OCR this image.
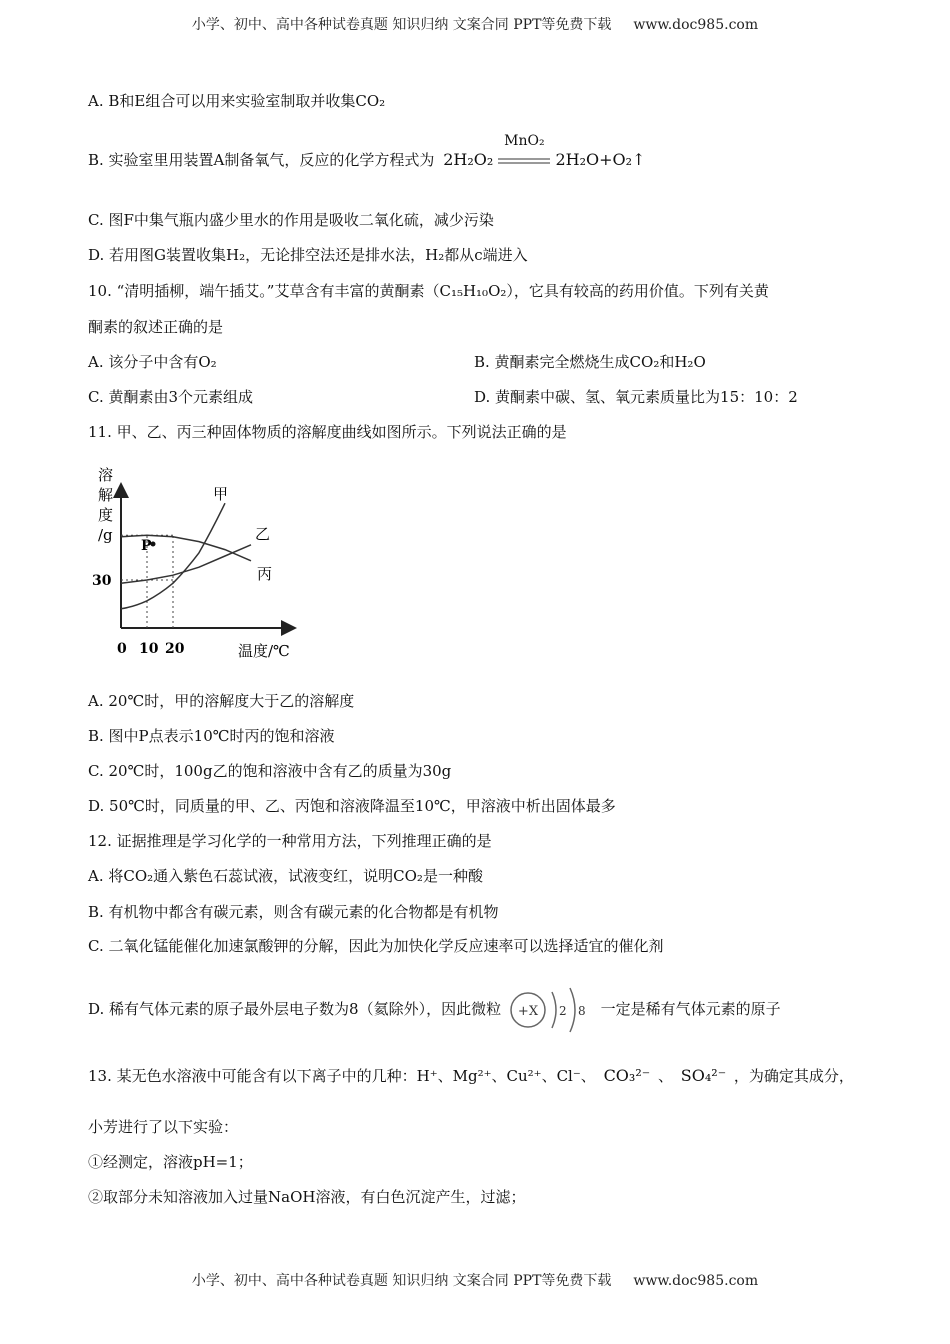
小学、初中、高中各种试卷真题 知识归纳 文案合同 PPT等免费下载 www.doc985.com
A. B和E组合可以用来实验室制取并收集CO₂
B. 实验室里用装置A制备氧气，反应的化学方程式为 2H₂O₂
MnO₂
2H₂O+O₂↑
C. 图F中集气瓶内盛少里水的作用是吸收二氧化硫，减少污染
D. 若用图G装置收集H₂，无论排空法还是排水法，H₂都从c端进入
10. “清明插柳，端午插艾。”艾草含有丰富的黄酮素（C₁₅H₁₀O₂），它具有较高的药用价值。下列有关黄
酮素的叙述正确的是
A. 该分子中含有O₂	B. 黄酮素完全燃烧生成CO₂和H₂O
C. 黄酮素由3个元素组成	D. 黄酮素中碳、氢、氧元素质量比为15：10：2
11. 甲、乙、丙三种固体物质的溶解度曲线如图所示。下列说法正确的是
溶
解
度
/g
甲
乙
丙
P
30
0 10 20	温度/℃
A. 20℃时，甲的溶解度大于乙的溶解度
B. 图中P点表示10℃时丙的饱和溶液
C. 20℃时，100g乙的饱和溶液中含有乙的质量为30g
D. 50℃时，同质量的甲、乙、丙饱和溶液降温至10℃，甲溶液中析出固体最多
12. 证据推理是学习化学的一种常用方法，下列推理正确的是
A. 将CO₂通入紫色石蕊试液，试液变红，说明CO₂是一种酸
B. 有机物中都含有碳元素，则含有碳元素的化合物都是有机物
C. 二氧化锰能催化加速氯酸钾的分解，因此为加快化学反应速率可以选择适宜的催化剂
D. 稀有气体元素的原子最外层电子数为8（氦除外），因此微粒 +X 2 8 一定是稀有气体元素的原子
13. 某无色水溶液中可能含有以下离子中的几种：H⁺、Mg²⁺、Cu²⁺、Cl⁻、 CO₃²⁻ 、 SO₄²⁻ ，为确定其成分，
小芳进行了以下实验：
①经测定，溶液pH=1；
②取部分未知溶液加入过量NaOH溶液，有白色沉淀产生，过滤；
小学、初中、高中各种试卷真题 知识归纳 文案合同 PPT等免费下载 www.doc985.com
